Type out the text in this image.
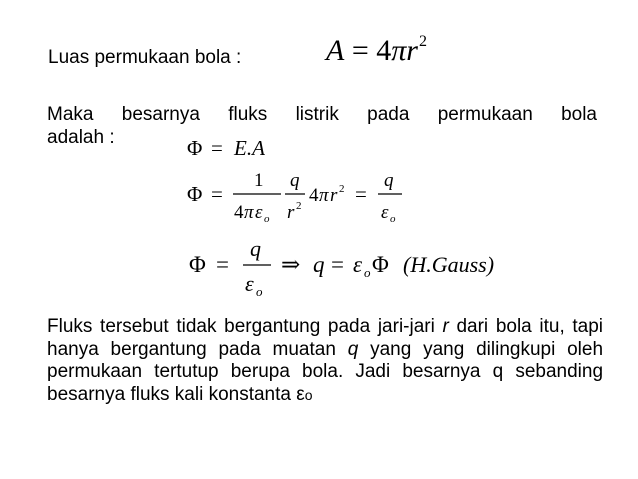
Luas permukaan bola :	$A = 4\pi r^2$
Maka besarnya fluks listrik pada permukaan bola
adalah :	Φ = E.A
Φ =
1
4 π ε o
q
r 2 4 π r 2 =
q
ε o
Φ =
q
ε o
⇒ q = ε o Φ (H.Gauss)
Fluks tersebut tidak bergantung pada jari-jari r dari bola itu, tapi hanya bergantung pada muatan q yang yang dilingkupi oleh permukaan tertutup berupa bola. Jadi besarnya q sebanding besarnya fluks kali konstanta εo
